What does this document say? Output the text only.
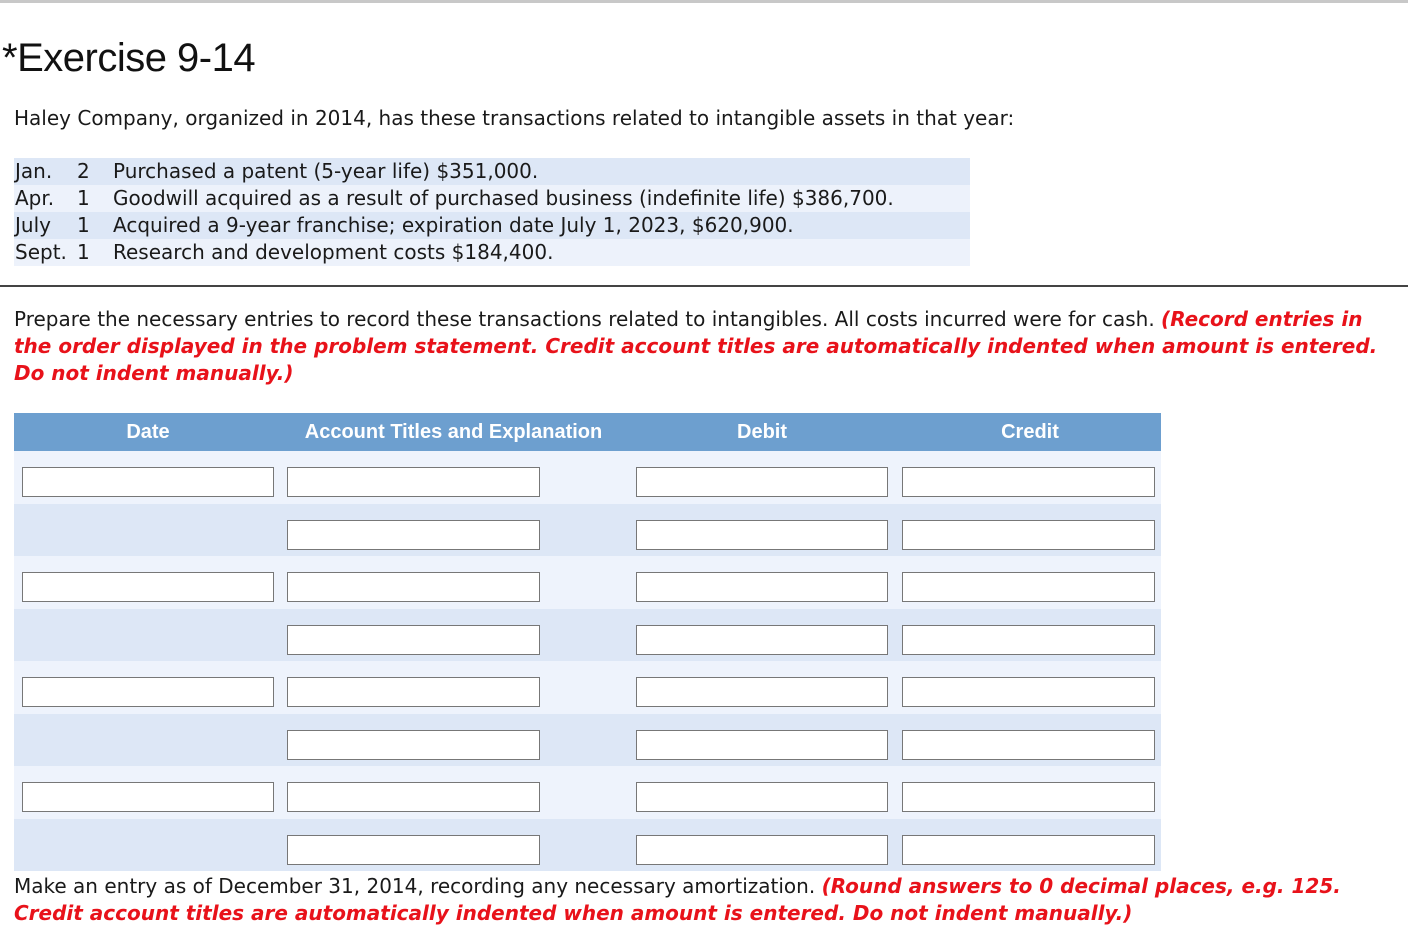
*Exercise 9-14
Haley Company, organized in 2014, has these transactions related to intangible assets in that year:
Jan.	2	Purchased a patent (5-year life) $351,000.
Apr.	1	Goodwill acquired as a result of purchased business (indefinite life) $386,700.
July	1	Acquired a 9-year franchise; expiration date July 1, 2023, $620,900.
Sept.	1	Research and development costs $184,400.
Prepare the necessary entries to record these transactions related to intangibles. All costs incurred were for cash. (Record entries in the order displayed in the problem statement. Credit account titles are automatically indented when amount is entered. Do not indent manually.)
Date	Account Titles and Explanation	Debit	Credit
Make an entry as of December 31, 2014, recording any necessary amortization. (Round answers to 0 decimal places, e.g. 125. Credit account titles are automatically indented when amount is entered. Do not indent manually.)
